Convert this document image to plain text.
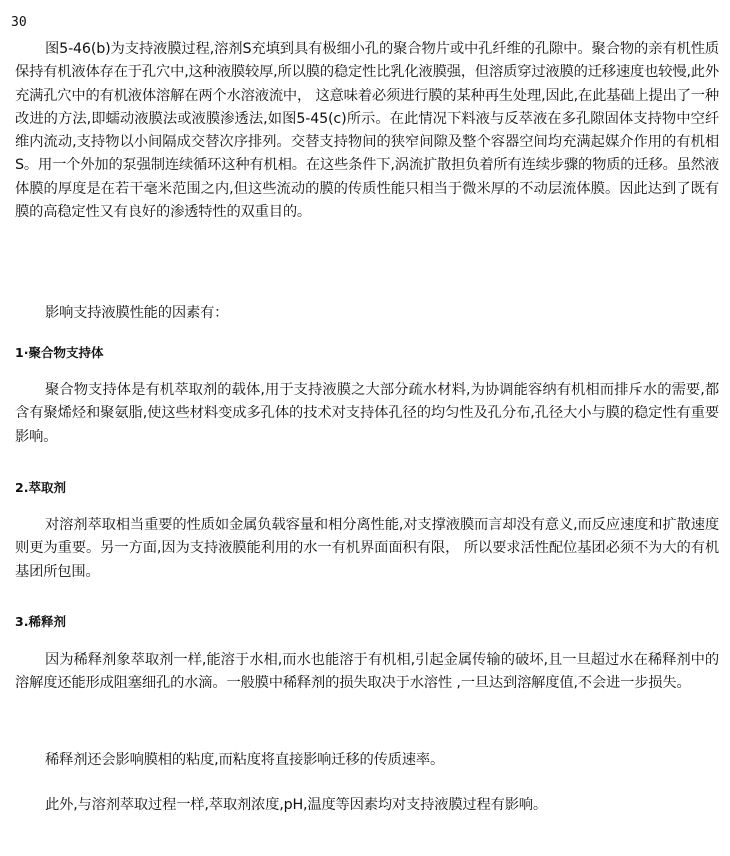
30

图5-46(b)为支持液膜过程,溶剂S充填到具有极细小孔的聚合物片或中孔纤维的孔隙中。聚合物的亲有机性质保持有机液体存在于孔穴中,这种液膜较厚,所以膜的稳定性比乳化液膜强，但溶质穿过液膜的迁移速度也较慢,此外充满孔穴中的有机液体溶解在两个水溶液流中， 这意味着必须进行膜的某种再生处理,因此,在此基础上提出了一种改进的方法,即蠕动液膜法或液膜渗透法,如图5-45(c)所示。在此情况下料液与反萃液在多孔隙固体支持物中空纤维内流动,支持物以小间隔成交替次序排列。交替支持物间的狭窄间隙及整个容器空间均充满起媒介作用的有机相S。用一个外加的泵强制连续循环这种有机相。在这些条件下,涡流扩散担负着所有连续步骤的物质的迁移。虽然液体膜的厚度是在若干毫米范围之内,但这些流动的膜的传质性能只相当于微米厚的不动层流体膜。因此达到了既有膜的高稳定性又有良好的渗透特性的双重目的。

影响支持液膜性能的因素有：

1·聚合物支持体

聚合物支持体是有机萃取剂的载体,用于支持液膜之大部分疏水材料,为协调能容纳有机相而排斥水的需要,都含有聚烯烃和聚氨脂,使这些材料变成多孔体的技术对支持体孔径的均匀性及孔分布,孔径大小与膜的稳定性有重要影响。

2.萃取剂

对溶剂萃取相当重要的性质如金属负载容量和相分离性能,对支撑液膜而言却没有意义,而反应速度和扩散速度则更为重要。另一方面,因为支持液膜能利用的水一有机界面面积有限， 所以要求活性配位基团必须不为大的有机基团所包围。

3.稀释剂

因为稀释剂象萃取剂一样,能溶于水相,而水也能溶于有机相,引起金属传输的破坏,且一旦超过水在稀释剂中的溶解度还能形成阻塞细孔的水滴。一般膜中稀释剂的损失取决于水溶性 ,一旦达到溶解度值,不会进一步损失。

稀释剂还会影响膜相的粘度,而粘度将直接影响迁移的传质速率。

此外,与溶剂萃取过程一样,萃取剂浓度,pH,温度等因素均对支持液膜过程有影响。
